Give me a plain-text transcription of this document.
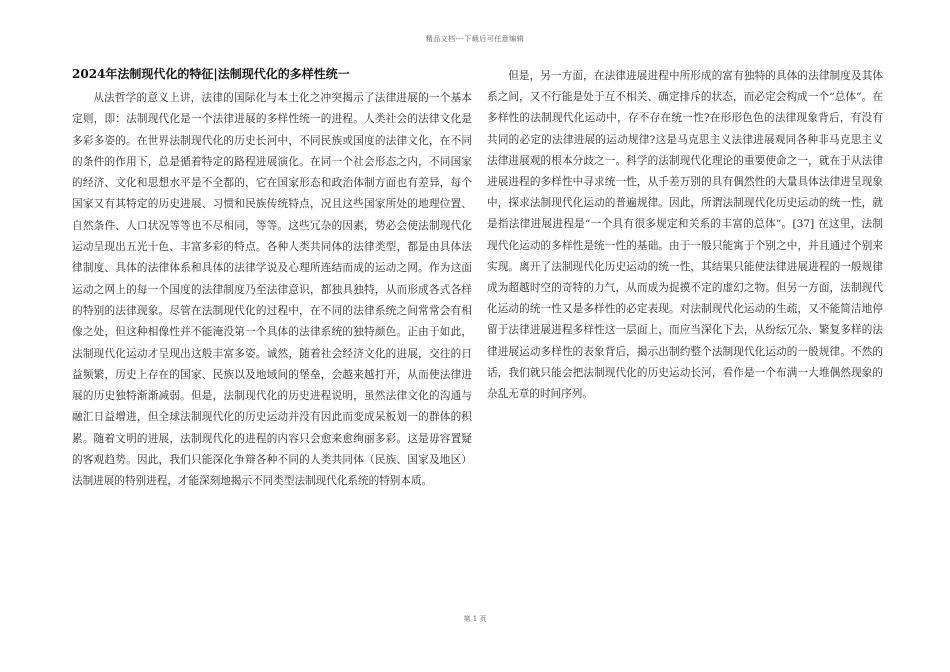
精品文档---下载后可任意编辑
2024年法制现代化的特征|法制现代化的多样性统一

从法哲学的意义上讲，法律的国际化与本土化之冲突揭示了法律进展的一个基本定则，即：法制现代化是一个法律进展的多样性统一的进程。人类社会的法律文化是多彩多姿的。在世界法制现代化的历史长河中，不同民族或国度的法律文化，在不同的条件的作用下，总是循着特定的路程进展演化。在同一个社会形态之内，不同国家的经济、文化和思想水平是不全都的，它在国家形态和政治体制方面也有差异，每个国家又有其特定的历史进展、习惯和民族传统特点，况且这些国家所处的地理位置、自然条件、人口状况等等也不尽相同，等等。这些冗杂的因素，势必会使法制现代化运动呈现出五光十色、丰富多彩的特点。各种人类共同体的法律类型，都是由具体法律制度、具体的法律体系和具体的法律学说及心理所连结而成的运动之网。作为这面运动之网上的每一个国度的法律制度乃至法律意识，都独具独特，从而形成各式各样的特别的法律现象。尽管在法制现代化的过程中，在不同的法律系统之间常常会有相像之处，但这种相像性并不能淹没第一个具体的法律系统的独特颜色。正由于如此，法制现代化运动才呈现出这般丰富多姿。诚然，随着社会经济文化的进展，交往的日益频繁，历史上存在的国家、民族以及地域间的堡垒，会越来越打开，从而使法律进展的历史独特渐渐减弱。但是，法制现代化的历史进程说明，虽然法律文化的沟通与融汇日益增进，但全球法制现代化的历史运动并没有因此而变成呆板划一的群体的积累。随着文明的进展，法制现代化的进程的内容只会愈来愈绚丽多彩。这是毋容置疑的客观趋势。因此，我们只能深化争辩各种不同的人类共同体（民族、国家及地区）法制进展的特别进程，才能深刻地揭示不同类型法制现代化系统的特别本质。

但是，另一方面，在法律进展进程中所形成的富有独特的具体的法律制度及其体系之间，又不行能是处于互不相关、确定排斥的状态，而必定会构成一个“总体”。在多样性的法制现代化运动中，存不存在统一性?在形形色色的法律现象背后，有没有共同的必定的法律进展的运动规律?这是马克思主义法律进展观同各种非马克思主义法律进展观的根本分歧之一。科学的法制现代化理论的重要使命之一，就在于从法律进展进程的多样性中寻求统一性，从千差万别的具有偶然性的大量具体法律进呈现象中，探求法制现代化运动的普遍规律。因此，所谓法制现代化历史运动的统一性，就是指法律进展进程是“一个具有很多规定和关系的丰富的总体”。[37] 在这里，法制现代化运动的多样性是统一性的基础。由于一般只能寓于个别之中，并且通过个别来实现。离开了法制现代化历史运动的统一性，其结果只能使法律进展进程的一般规律成为超越时空的奇特的力气，从而成为捉摸不定的虚幻之物。但另一方面，法制现代化运动的统一性又是多样性的必定表现。对法制现代化运动的生疏，又不能简洁地停留于法律进展进程多样性这一层面上，而应当深化下去，从纷纭冗杂、繁复多样的法律进展运动多样性的表象背后，揭示出制约整个法制现代化运动的一般规律。不然的话，我们就只能会把法制现代化的历史运动长河，看作是一个布满一大堆偶然现象的杂乱无章的时间序列。

第 1 页
